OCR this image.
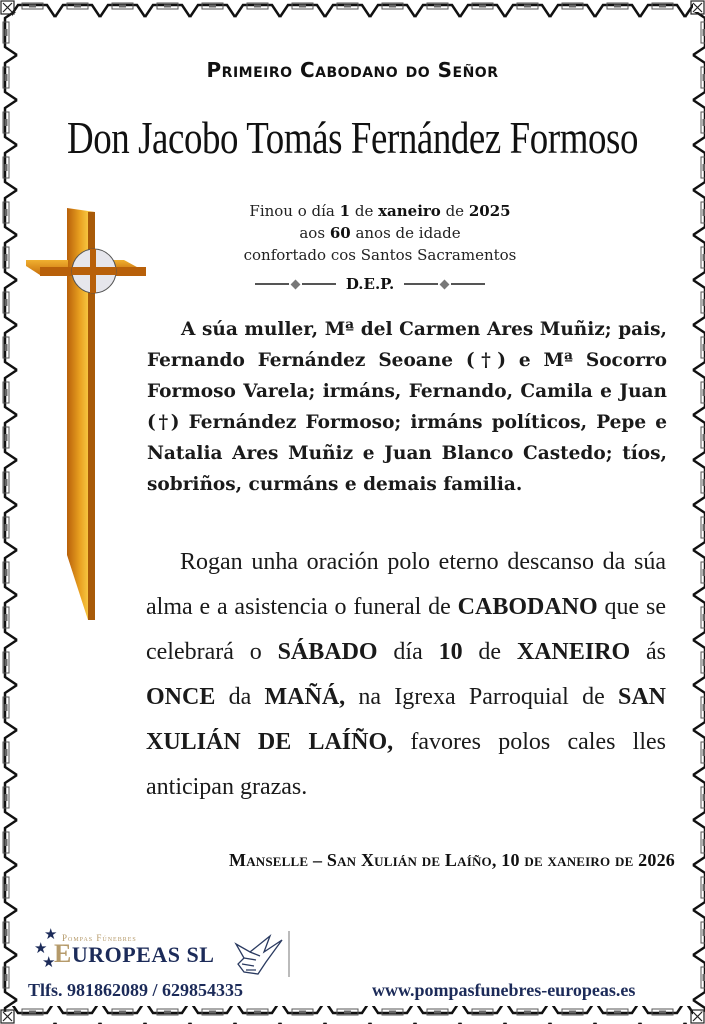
Primeiro Cabodano do Señor
Don Jacobo Tomás Fernández Formoso
Finou o día 1 de xaneiro de 2025
aos 60 anos de idade
confortado cos Santos Sacramentos
D.E.P.
A súa muller, Mª del Carmen Ares Muñiz; pais, Fernando Fernández Seoane (†) e Mª Socorro Formoso Varela; irmáns, Fernando, Camila e Juan (†) Fernández Formoso; irmáns políticos, Pepe e Natalia Ares Muñiz e Juan Blanco Castedo; tíos, sobriños, curmáns e demais familia.
Rogan unha oración polo eterno descanso da súa alma e a asistencia o funeral de CABODANO que se celebrará o SÁBADO día 10 de XANEIRO ás ONCE da MAÑÁ, na Igrexa Parroquial de SAN XULIÁN DE LAÍÑO, favores polos cales lles anticipan grazas.
Manselle – San Xulián de Laíño, 10 de xaneiro de 2026
★
★
★
Pompas Fúnebres
EUROPEAS SL
Tlfs. 981862089 / 629854335	www.pompasfunebres-europeas.es
